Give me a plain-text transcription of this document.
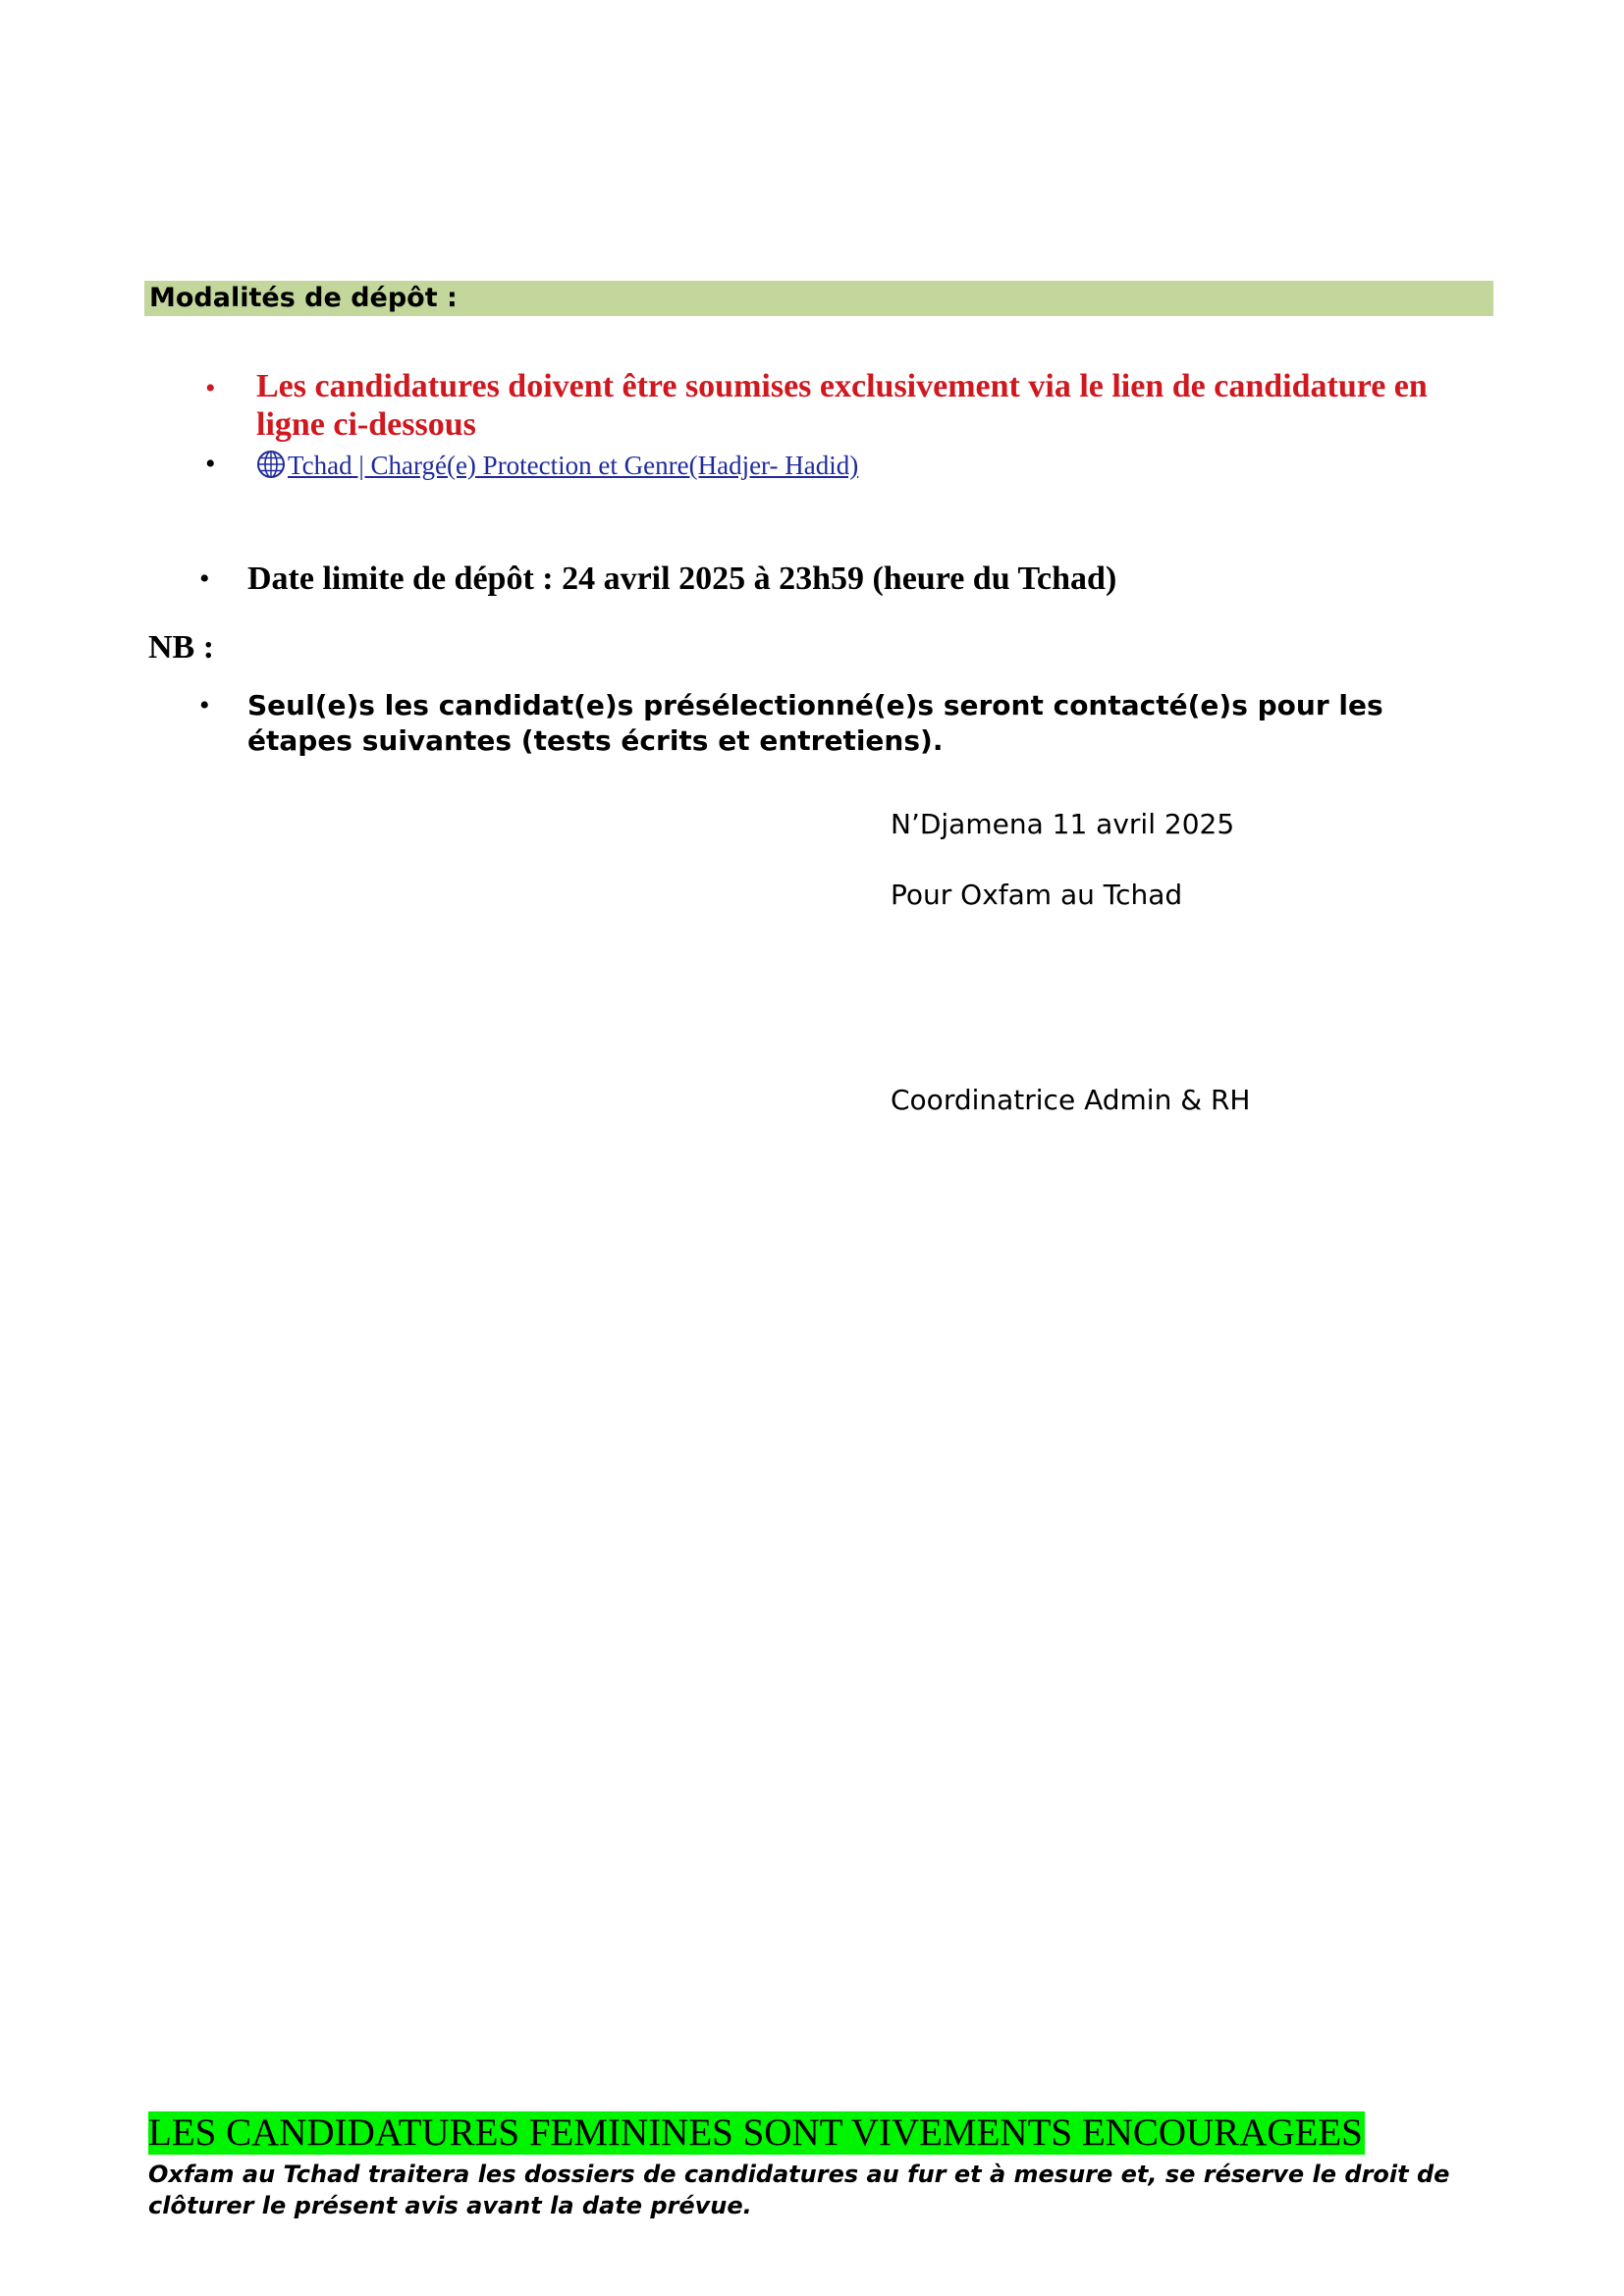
Modalités de dépôt :
• Les candidatures doivent être soumises exclusivement via le lien de candidature en ligne ci-dessous
•	Tchad | Chargé(e) Protection et Genre(Hadjer- Hadid)
• Date limite de dépôt : 24 avril 2025 à 23h59 (heure du Tchad)
NB :
• Seul(e)s les candidat(e)s présélectionné(e)s seront contacté(e)s pour les étapes suivantes (tests écrits et entretiens).
N’Djamena 11 avril 2025
Pour Oxfam au Tchad
Coordinatrice Admin & RH
LES CANDIDATURES FEMININES SONT VIVEMENTS ENCOURAGEES
Oxfam au Tchad traitera les dossiers de candidatures au fur et à mesure et, se réserve le droit de clôturer le présent avis avant la date prévue.
